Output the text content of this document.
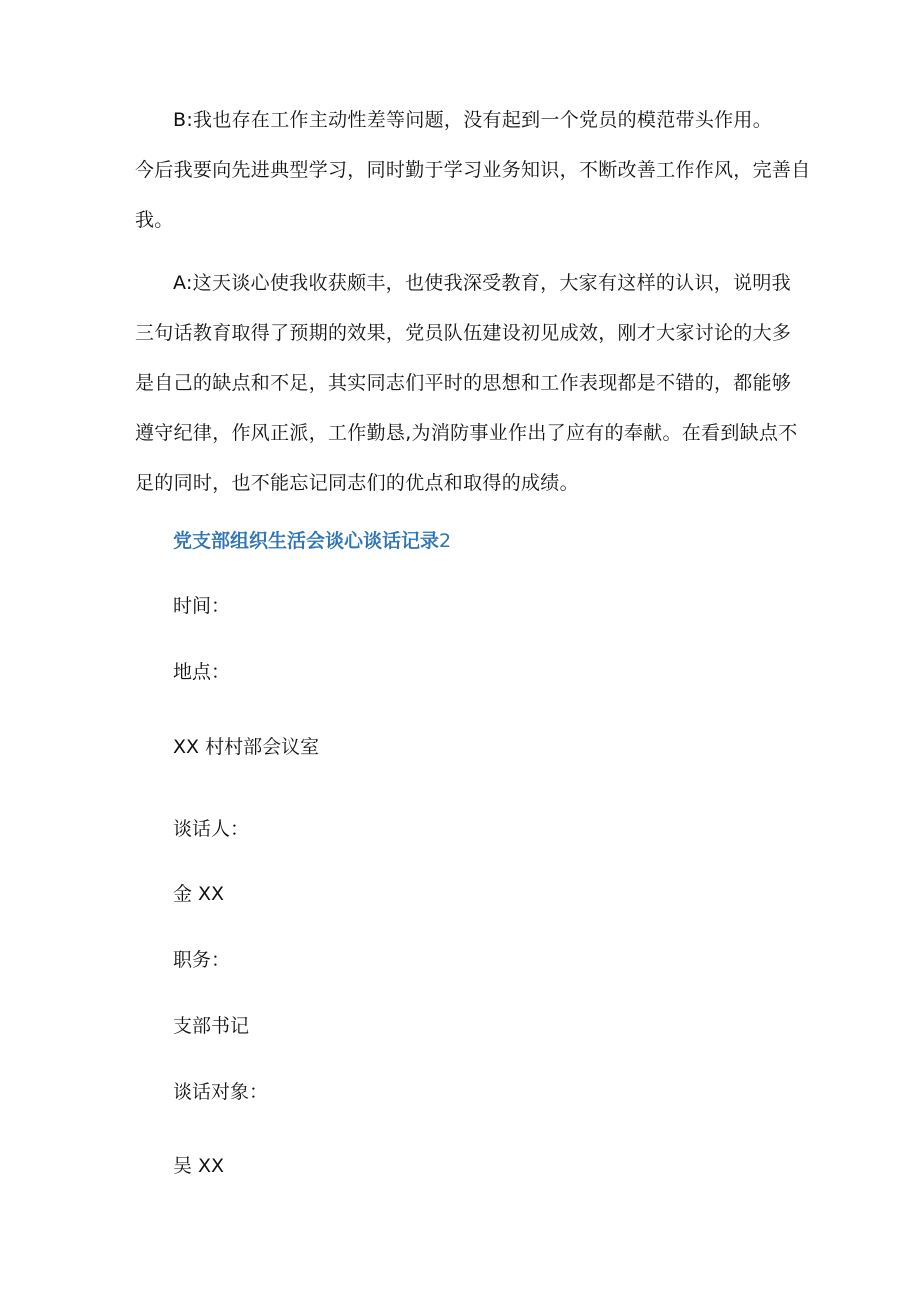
B:我也存在工作主动性差等问题，没有起到一个党员的模范带头作用。
今后我要向先进典型学习，同时勤于学习业务知识，不断改善工作作风，完善自
我。
A:这天谈心使我收获颇丰，也使我深受教育，大家有这样的认识，说明我
三句话教育取得了预期的效果，党员队伍建设初见成效，刚才大家讨论的大多
是自己的缺点和不足，其实同志们平时的思想和工作表现都是不错的，都能够
遵守纪律，作风正派，工作勤恳,为消防事业作出了应有的奉献。在看到缺点不
足的同时，也不能忘记同志们的优点和取得的成绩。

党支部组织生活会谈心谈话记录2

时间：

地点：

XX 村村部会议室

谈话人：

金 XX

职务：

支部书记

谈话对象：

吴 XX
